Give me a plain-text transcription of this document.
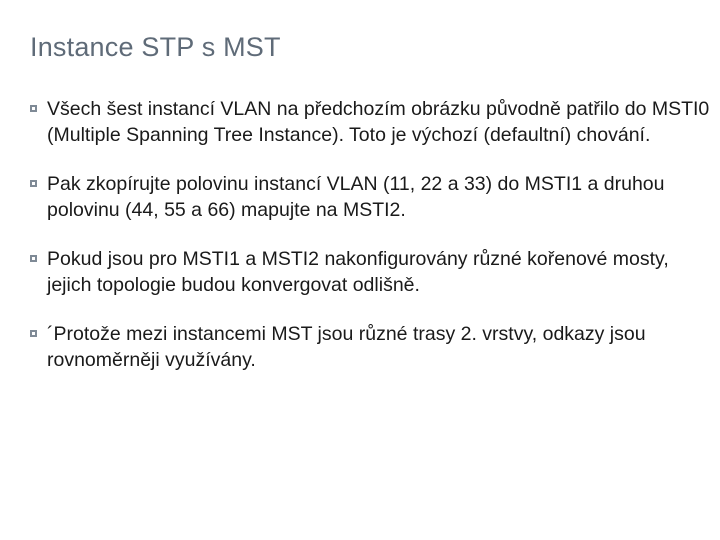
Instance STP s MST
Všech šest instancí VLAN na předchozím obrázku původně patřilo do MSTI0 (Multiple Spanning Tree Instance). Toto je výchozí (defaultní) chování.
Pak zkopírujte polovinu instancí VLAN (11, 22 a 33) do MSTI1 a druhou polovinu (44, 55 a 66) mapujte na MSTI2.
Pokud jsou pro MSTI1 a MSTI2 nakonfigurovány různé kořenové mosty, jejich topologie budou konvergovat odlišně.
´Protože mezi instancemi MST jsou různé trasy 2. vrstvy, odkazy jsou rovnoměrněji využívány.
